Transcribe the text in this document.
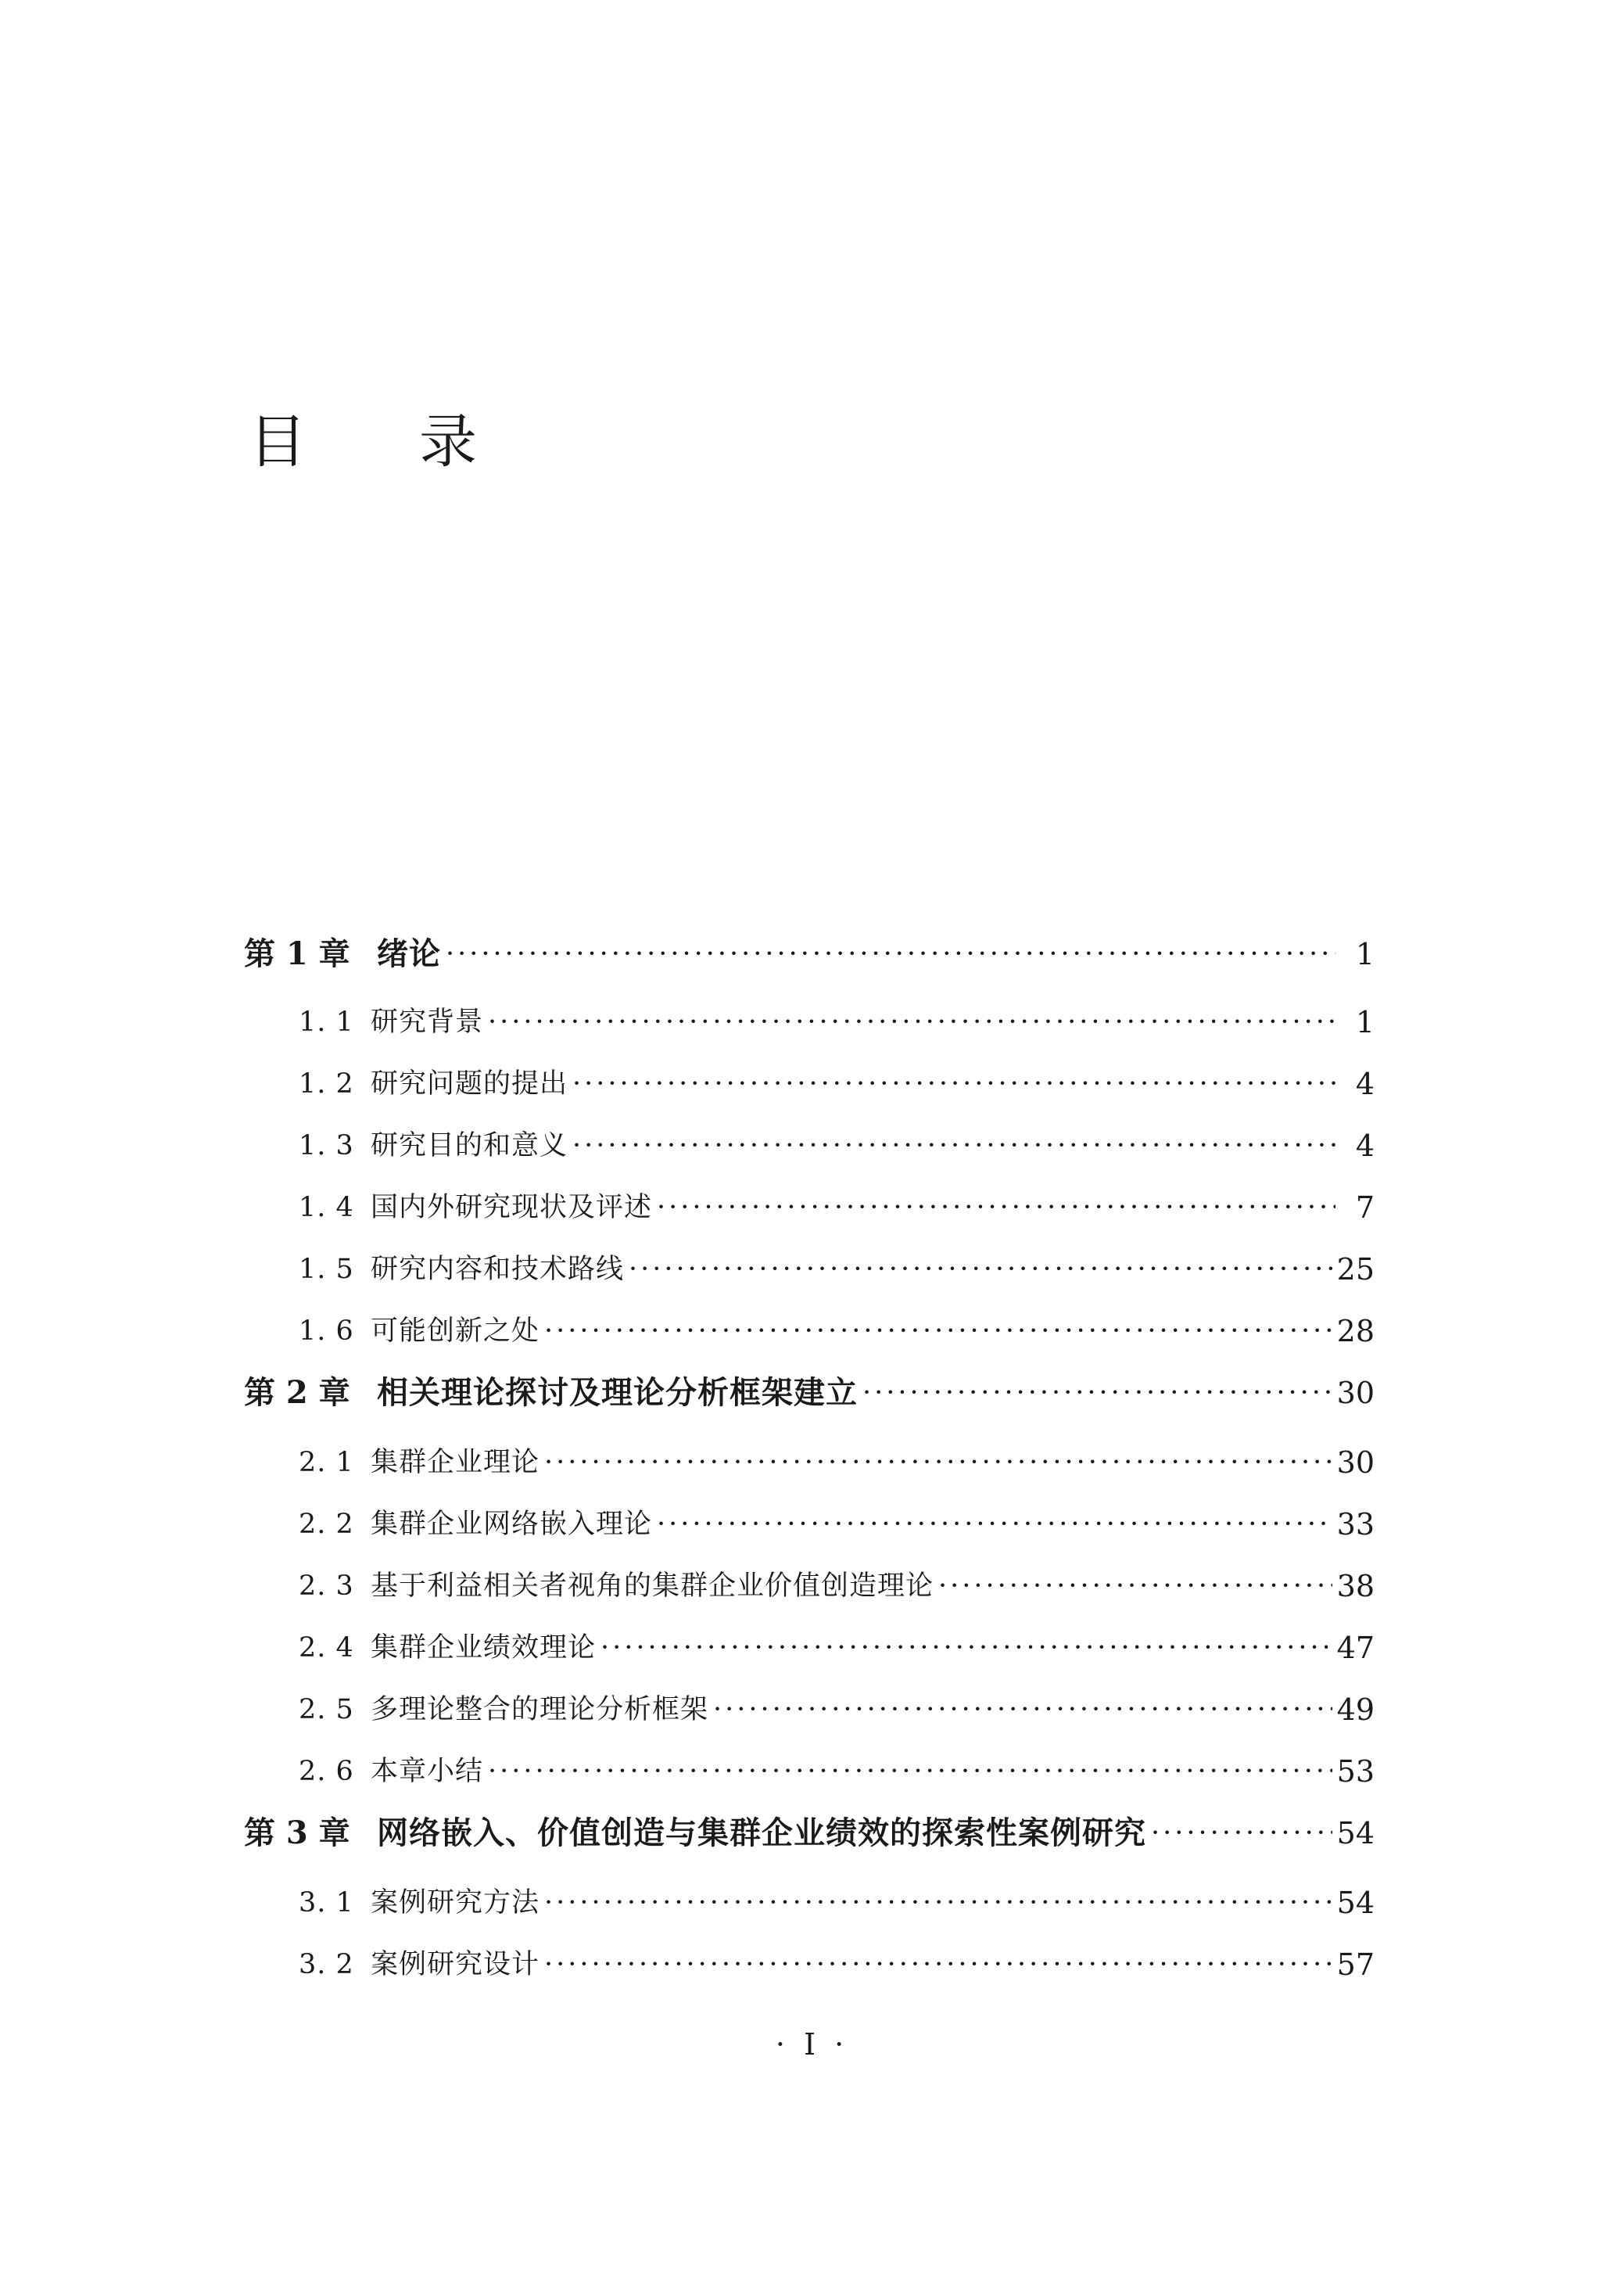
目 录
第 1 章 绪论 ·····	1
1. 1 研究背景 ·····	1
1. 2 研究问题的提出 ·····	4
1. 3 研究目的和意义 ·····	4
1. 4 国内外研究现状及评述 ·····	7
1. 5 研究内容和技术路线 ·····	25
1. 6 可能创新之处 ·····	28
第 2 章 相关理论探讨及理论分析框架建立 ·····	30
2. 1 集群企业理论 ·····	30
2. 2 集群企业网络嵌入理论 ·····	33
2. 3 基于利益相关者视角的集群企业价值创造理论 ·····	38
2. 4 集群企业绩效理论 ·····	47
2. 5 多理论整合的理论分析框架 ·····	49
2. 6 本章小结 ·····	53
第 3 章 网络嵌入、价值创造与集群企业绩效的探索性案例研究 ·····	54
3. 1 案例研究方法 ·····	54
3. 2 案例研究设计 ·····	57
· I ·
